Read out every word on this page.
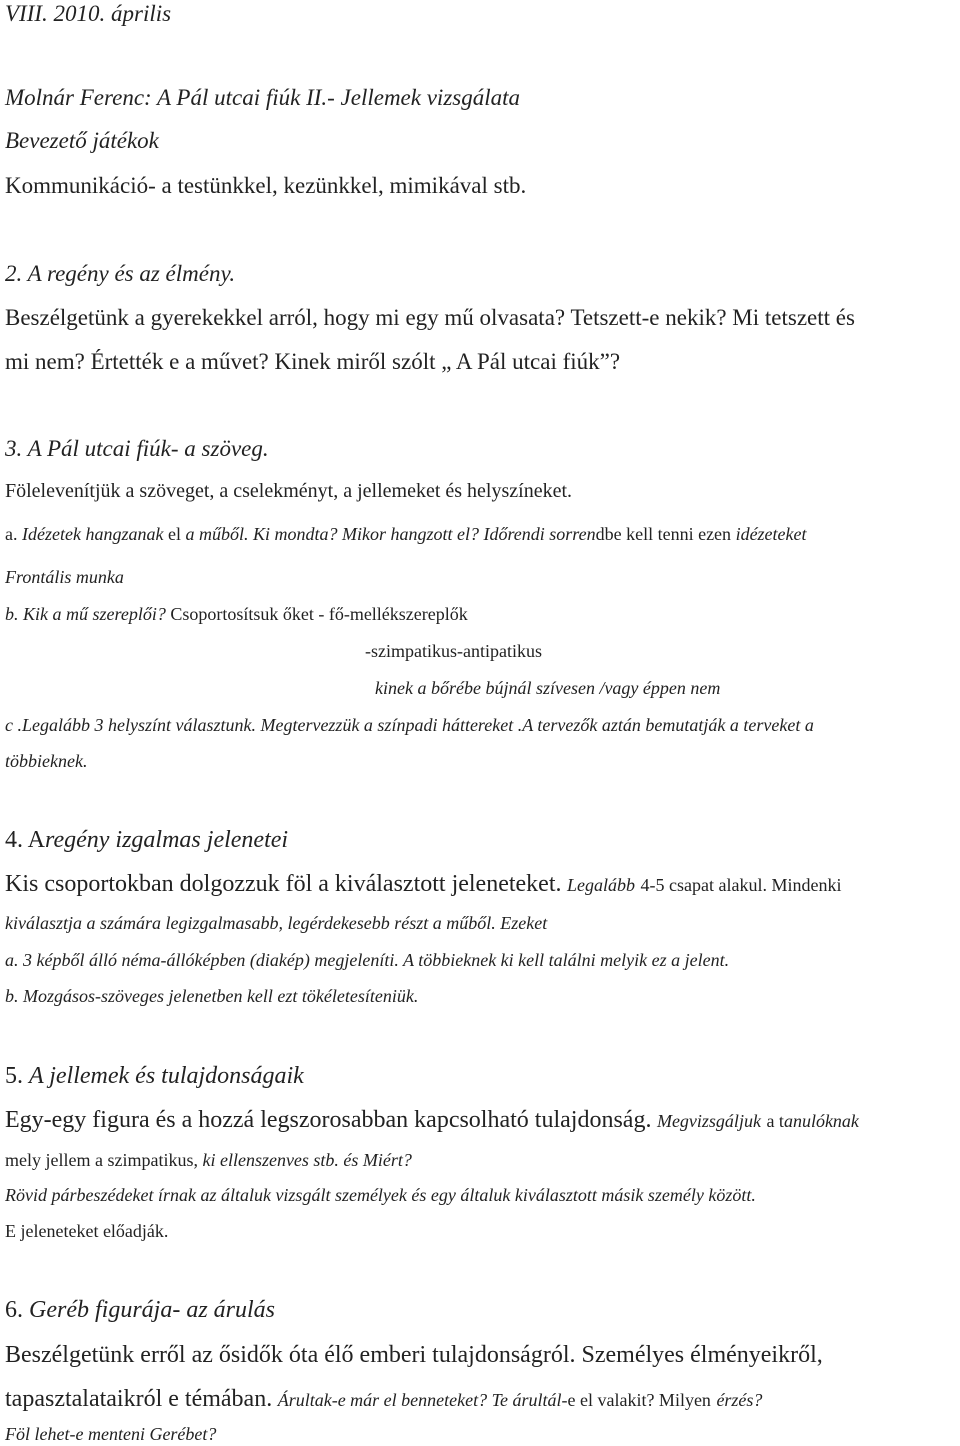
VIII. 2010. április
Molnár Ferenc: A Pál utcai fiúk II.- Jellemek vizsgálata
Bevezető játékok
Kommunikáció- a testünkkel, kezünkkel, mimikával stb.
2. A regény és az élmény.
Beszélgetünk a gyerekekkel arról, hogy mi egy mű olvasata? Tetszett-e nekik? Mi tetszett és
mi nem? Értették e a művet? Kinek miről szólt „ A Pál utcai fiúk”?
3. A Pál utcai fiúk- a szöveg.
Fölelevenítjük a szöveget, a cselekményt, a jellemeket és helyszíneket.
a. Idézetek hangzanak el a műből. Ki mondta? Mikor hangzott el? Időrendi sorrendbe kell tenni ezen idézeteket
Frontális munka
b. Kik a mű szereplői? Csoportosítsuk őket - fő-mellékszereplők
-szimpatikus-antipatikus
kinek a bőrébe bújnál szívesen /vagy éppen nem
c .Legalább 3 helyszínt választunk. Megtervezzük a színpadi háttereket .A tervezők aztán bemutatják a terveket a
többieknek.
4. Aregény izgalmas jelenetei
Kis csoportokban dolgozzuk föl a kiválasztott jeleneteket. Legalább 4-5 csapat alakul. Mindenki
kiválasztja a számára legizgalmasabb, legérdekesebb részt a műből. Ezeket
a. 3 képből álló néma-állóképben (diakép) megjeleníti. A többieknek ki kell találni melyik ez a jelent.
b. Mozgásos-szöveges jelenetben kell ezt tökéletesíteniük.
5. A jellemek és tulajdonságaik
Egy-egy figura és a hozzá legszorosabban kapcsolható tulajdonság. Megvizsgáljuk a tanulóknak
mely jellem a szimpatikus, ki ellenszenves stb. és Miért?
Rövid párbeszédeket írnak az általuk vizsgált személyek és egy általuk kiválasztott másik személy között.
E jeleneteket előadják.
6. Geréb figurája- az árulás
Beszélgetünk erről az ősidők óta élő emberi tulajdonságról. Személyes élményeikről,
tapasztalataikról e témában. Árultak-e már el benneteket? Te árultál-e el valakit? Milyen érzés?
Föl lehet-e menteni Gerébet?
